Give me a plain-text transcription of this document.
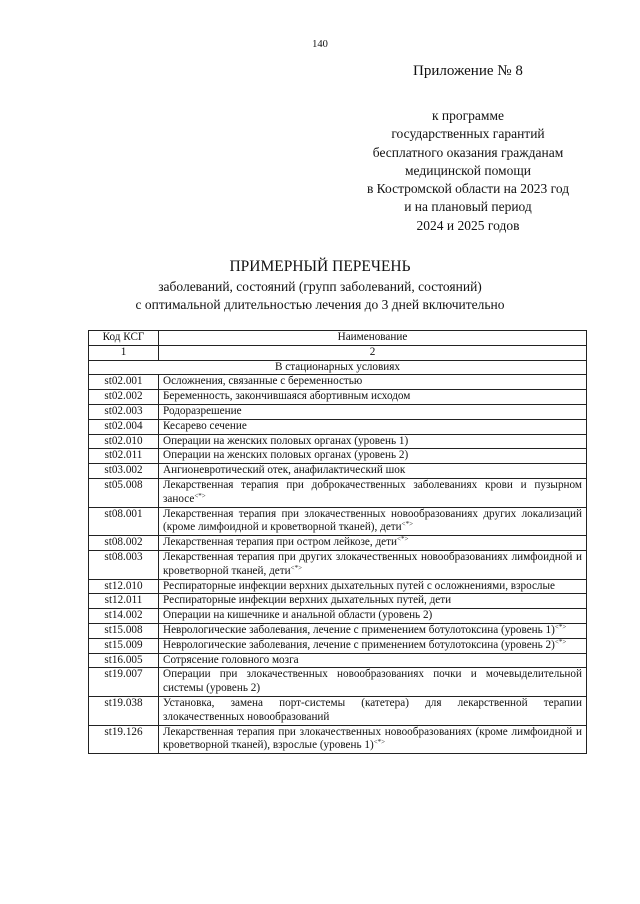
140
Приложение № 8
к программе
государственных гарантий
бесплатного оказания гражданам
медицинской помощи
в Костромской области на 2023 год
и на плановый период
2024 и 2025 годов
ПРИМЕРНЫЙ ПЕРЕЧЕНЬ
заболеваний, состояний (групп заболеваний, состояний)
с оптимальной длительностью лечения до 3 дней включительно
Код КСГ	Наименование
1	2
В стационарных условиях	
st02.001	Осложнения, связанные с беременностью
st02.002	Беременность, закончившаяся абортивным исходом
st02.003	Родоразрешение
st02.004	Кесарево сечение
st02.010	Операции на женских половых органах (уровень 1)
st02.011	Операции на женских половых органах (уровень 2)
st03.002	Ангионевротический отек, анафилактический шок
st05.008	Лекарственная терапия при доброкачественных заболеваниях крови и пузырном заносе<*>
st08.001	Лекарственная терапия при злокачественных новообразованиях других локализаций (кроме лимфоидной и кроветворной тканей), дети<*>
st08.002	Лекарственная терапия при остром лейкозе, дети<*>
st08.003	Лекарственная терапия при других злокачественных новообразованиях лимфоидной и кроветворной тканей, дети<*>
st12.010	Респираторные инфекции верхних дыхательных путей с осложнениями, взрослые
st12.011	Респираторные инфекции верхних дыхательных путей, дети
st14.002	Операции на кишечнике и анальной области (уровень 2)
st15.008	Неврологические заболевания, лечение с применением ботулотоксина (уровень 1)<*>
st15.009	Неврологические заболевания, лечение с применением ботулотоксина (уровень 2)<*>
st16.005	Сотрясение головного мозга
st19.007	Операции при злокачественных новообразованиях почки и мочевыделительной системы (уровень 2)
st19.038	Установка, замена порт-системы (катетера) для лекарственной терапии злокачественных новообразований
st19.126	Лекарственная терапия при злокачественных новообразованиях (кроме лимфоидной и кроветворной тканей), взрослые (уровень 1)<*>
